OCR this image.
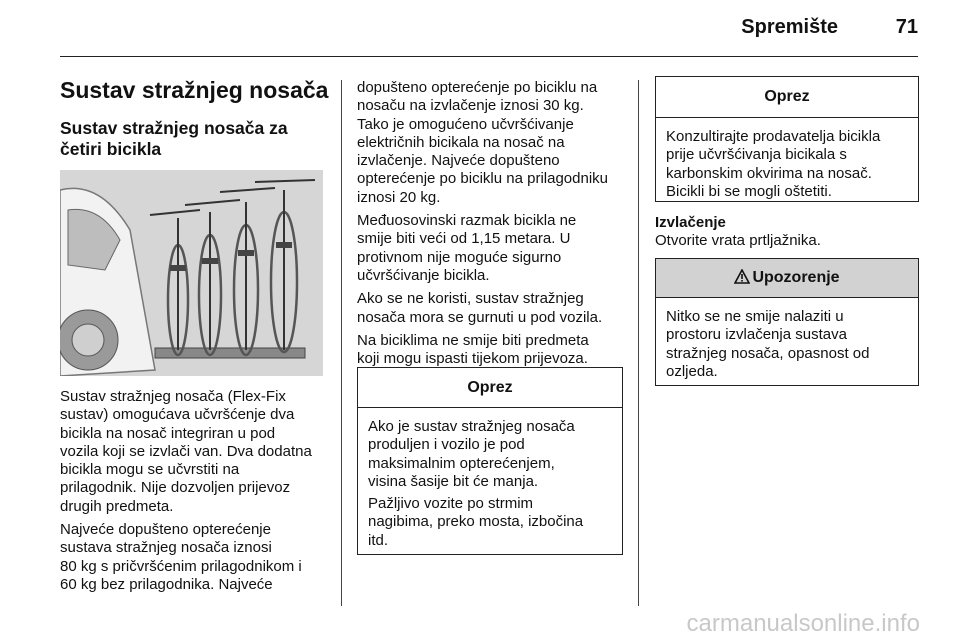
Spremište	71
Sustav stražnjeg nosača
Sustav stražnjeg nosača za četiri bicikla

Sustav stražnjeg nosača (Flex-Fix
sustav) omogućava učvršćenje dva
bicikla na nosač integriran u pod
vozila koji se izvlači van. Dva dodatna
bicikla mogu se učvrstiti na
prilagodnik. Nije dozvoljen prijevoz
drugih predmeta.

Najveće dopušteno opterećenje
sustava stražnjeg nosača iznosi
80 kg s pričvršćenim prilagodnikom i
60 kg bez prilagodnika. Najveće

dopušteno opterećenje po biciklu na
nosaču na izvlačenje iznosi 30 kg.
Tako je omogućeno učvršćivanje
električnih bicikala na nosač na
izvlačenje. Najveće dopušteno
opterećenje po biciklu na prilagodniku
iznosi 20 kg.

Međuosovinski razmak bicikla ne
smije biti veći od 1,15 metara. U
protivnom nije moguće sigurno
učvršćivanje bicikla.

Ako se ne koristi, sustav stražnjeg
nosača mora se gurnuti u pod vozila.

Na biciklima ne smije biti predmeta
koji mogu ispasti tijekom prijevoza.

Oprez

Ako je sustav stražnjeg nosača
produljen i vozilo je pod
maksimalnim opterećenjem,
visina šasije bit će manja.

Pažljivo vozite po strmim
nagibima, preko mosta, izbočina
itd.

Oprez
Konzultirajte prodavatelja bicikla
prije učvršćivanja bicikala s
karbonskim okvirima na nosač.
Bicikli bi se mogli oštetiti.
Izvlačenje
Otvorite vrata prtljažnika.
Upozorenje
Nitko se ne smije nalaziti u
prostoru izvlačenja sustava
stražnjeg nosača, opasnost od
ozljeda.
carmanualsonline.info
